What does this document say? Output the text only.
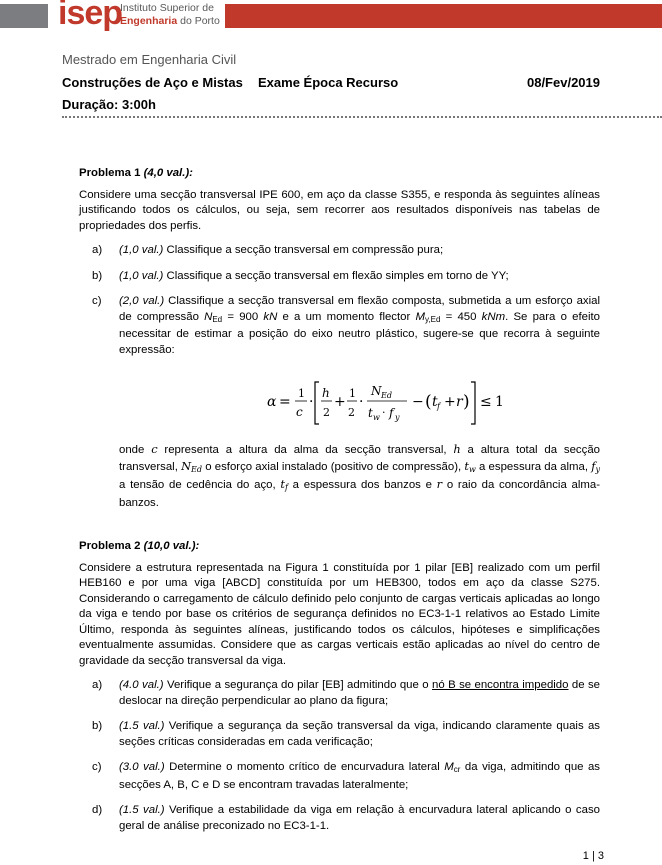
isep
Instituto Superior de
Engenharia do Porto
Mestrado em Engenharia Civil
Construções de Aço e Mistas Exame Época Recurso	08/Fev/2019
Duração: 3:00h

Problema 1 (4,0 val.):

Considere uma secção transversal IPE 600, em aço da classe S355, e responda às seguintes alíneas justificando todos os cálculos, ou seja, sem recorrer aos resultados disponíveis nas tabelas de propriedades dos perfis.

a) (1,0 val.) Classifique a secção transversal em compressão pura;
b) (1,0 val.) Classifique a secção transversal em flexão simples em torno de YY;
c) (2,0 val.) Classifique a secção transversal em flexão composta, submetida a um esforço axial de compressão $N_{Ed} = 900$ kN e a um momento flector $M_{y,Ed} = 450$ kNm. Se para o efeito necessitar de estimar a posição do eixo neutro plástico, sugere-se que recorra à seguinte expressão:
α =
1
c
·
h
2
+
1
2
·
N Ed
t w · f y
− ( t f + r ) ≤ 1
onde c representa a altura da alma da secção transversal, h a altura total da secção transversal, $N_{Ed}$ o esforço axial instalado (positivo de compressão), $t_w$ a espessura da alma, $f_y$ a tensão de cedência do aço, $t_f$ a espessura dos banzos e r o raio da concordância alma-banzos.

Problema 2 (10,0 val.):

Considere a estrutura representada na Figura 1 constituída por 1 pilar [EB] realizado com um perfil HEB160 e por uma viga [ABCD] constituída por um HEB300, todos em aço da classe S275. Considerando o carregamento de cálculo definido pelo conjunto de cargas verticais aplicadas ao longo da viga e tendo por base os critérios de segurança definidos no EC3-1-1 relativos ao Estado Limite Último, responda às seguintes alíneas, justificando todos os cálculos, hipóteses e simplificações eventualmente assumidas. Considere que as cargas verticais estão aplicadas ao nível do centro de gravidade da secção transversal da viga.

a) (4.0 val.) Verifique a segurança do pilar [EB] admitindo que o nó B se encontra impedido de se deslocar na direção perpendicular ao plano da figura;
b) (1.5 val.) Verifique a segurança da seção transversal da viga, indicando claramente quais as seções críticas consideradas em cada verificação;
c) (3.0 val.) Determine o momento crítico de encurvadura lateral $M_{cr}$ da viga, admitindo que as secções A, B, C e D se encontram travadas lateralmente;
d) (1.5 val.) Verifique a estabilidade da viga em relação à encurvadura lateral aplicando o caso geral de análise preconizado no EC3-1-1.
1 | 3
